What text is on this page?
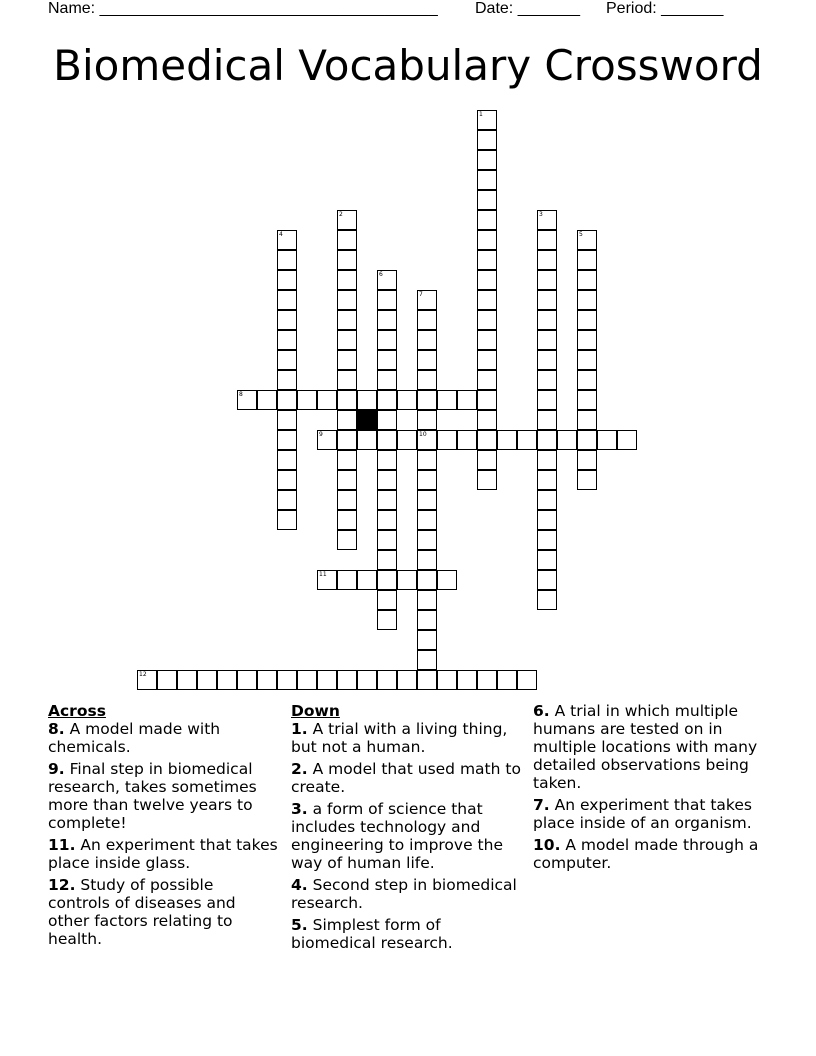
Name: ______________________________________ Date: _______ Period: _______
Biomedical Vocabulary Crossword
8
9	10
11
12
1
2	3
4	5
6
7
Across
8. A model made with chemicals.
9. Final step in biomedical research, takes sometimes more than twelve years to complete!
11. An experiment that takes place inside glass.
12. Study of possible controls of diseases and other factors relating to health.
Down
1. A trial with a living thing, but not a human.
2. A model that used math to create.
3. a form of science that includes technology and engineering to improve the way of human life.
4. Second step in biomedical research.
5. Simplest form of biomedical research.
6. A trial in which multiple humans are tested on in multiple locations with many detailed observations being taken.
7. An experiment that takes place inside of an organism.
10. A model made through a computer.
